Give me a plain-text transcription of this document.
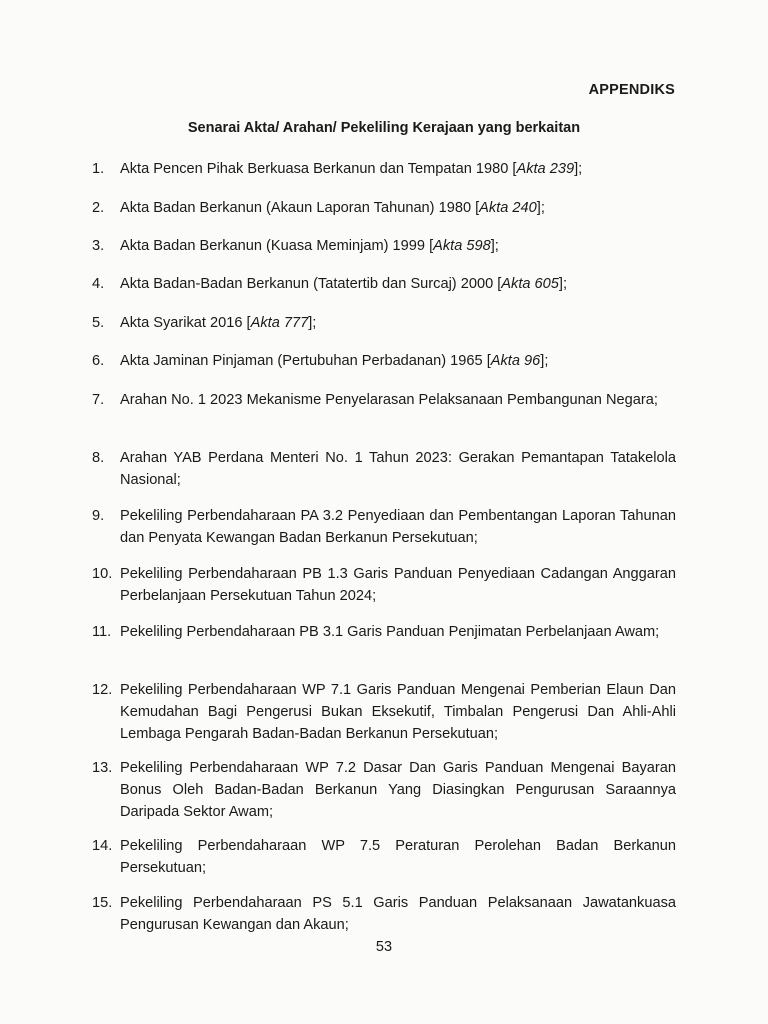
APPENDIKS
Senarai Akta/ Arahan/ Pekeliling Kerajaan yang berkaitan
1.	Akta Pencen Pihak Berkuasa Berkanun dan Tempatan 1980 [Akta 239];
2.	Akta Badan Berkanun (Akaun Laporan Tahunan) 1980 [Akta 240];
3.	Akta Badan Berkanun (Kuasa Meminjam) 1999 [Akta 598];
4.	Akta Badan-Badan Berkanun (Tatatertib dan Surcaj) 2000 [Akta 605];
5.	Akta Syarikat 2016 [Akta 777];
6.	Akta Jaminan Pinjaman (Pertubuhan Perbadanan) 1965 [Akta 96];
7.	Arahan No. 1 2023 Mekanisme Penyelarasan Pelaksanaan Pembangunan Negara;
8.	Arahan YAB Perdana Menteri No. 1 Tahun 2023: Gerakan Pemantapan Tatakelola Nasional;
9.	Pekeliling Perbendaharaan PA 3.2 Penyediaan dan Pembentangan Laporan Tahunan dan Penyata Kewangan Badan Berkanun Persekutuan;
10. Pekeliling Perbendaharaan PB 1.3 Garis Panduan Penyediaan Cadangan Anggaran Perbelanjaan Persekutuan Tahun 2024;
11. Pekeliling Perbendaharaan PB 3.1 Garis Panduan Penjimatan Perbelanjaan Awam;
12. Pekeliling Perbendaharaan WP 7.1 Garis Panduan Mengenai Pemberian Elaun Dan Kemudahan Bagi Pengerusi Bukan Eksekutif, Timbalan Pengerusi Dan Ahli-Ahli Lembaga Pengarah Badan-Badan Berkanun Persekutuan;
13. Pekeliling Perbendaharaan WP 7.2 Dasar Dan Garis Panduan Mengenai Bayaran Bonus Oleh Badan-Badan Berkanun Yang Diasingkan Pengurusan Saraannya Daripada Sektor Awam;
14. Pekeliling Perbendaharaan WP 7.5 Peraturan Perolehan Badan Berkanun Persekutuan;
15. Pekeliling Perbendaharaan PS 5.1 Garis Panduan Pelaksanaan Jawatankuasa Pengurusan Kewangan dan Akaun;
53
